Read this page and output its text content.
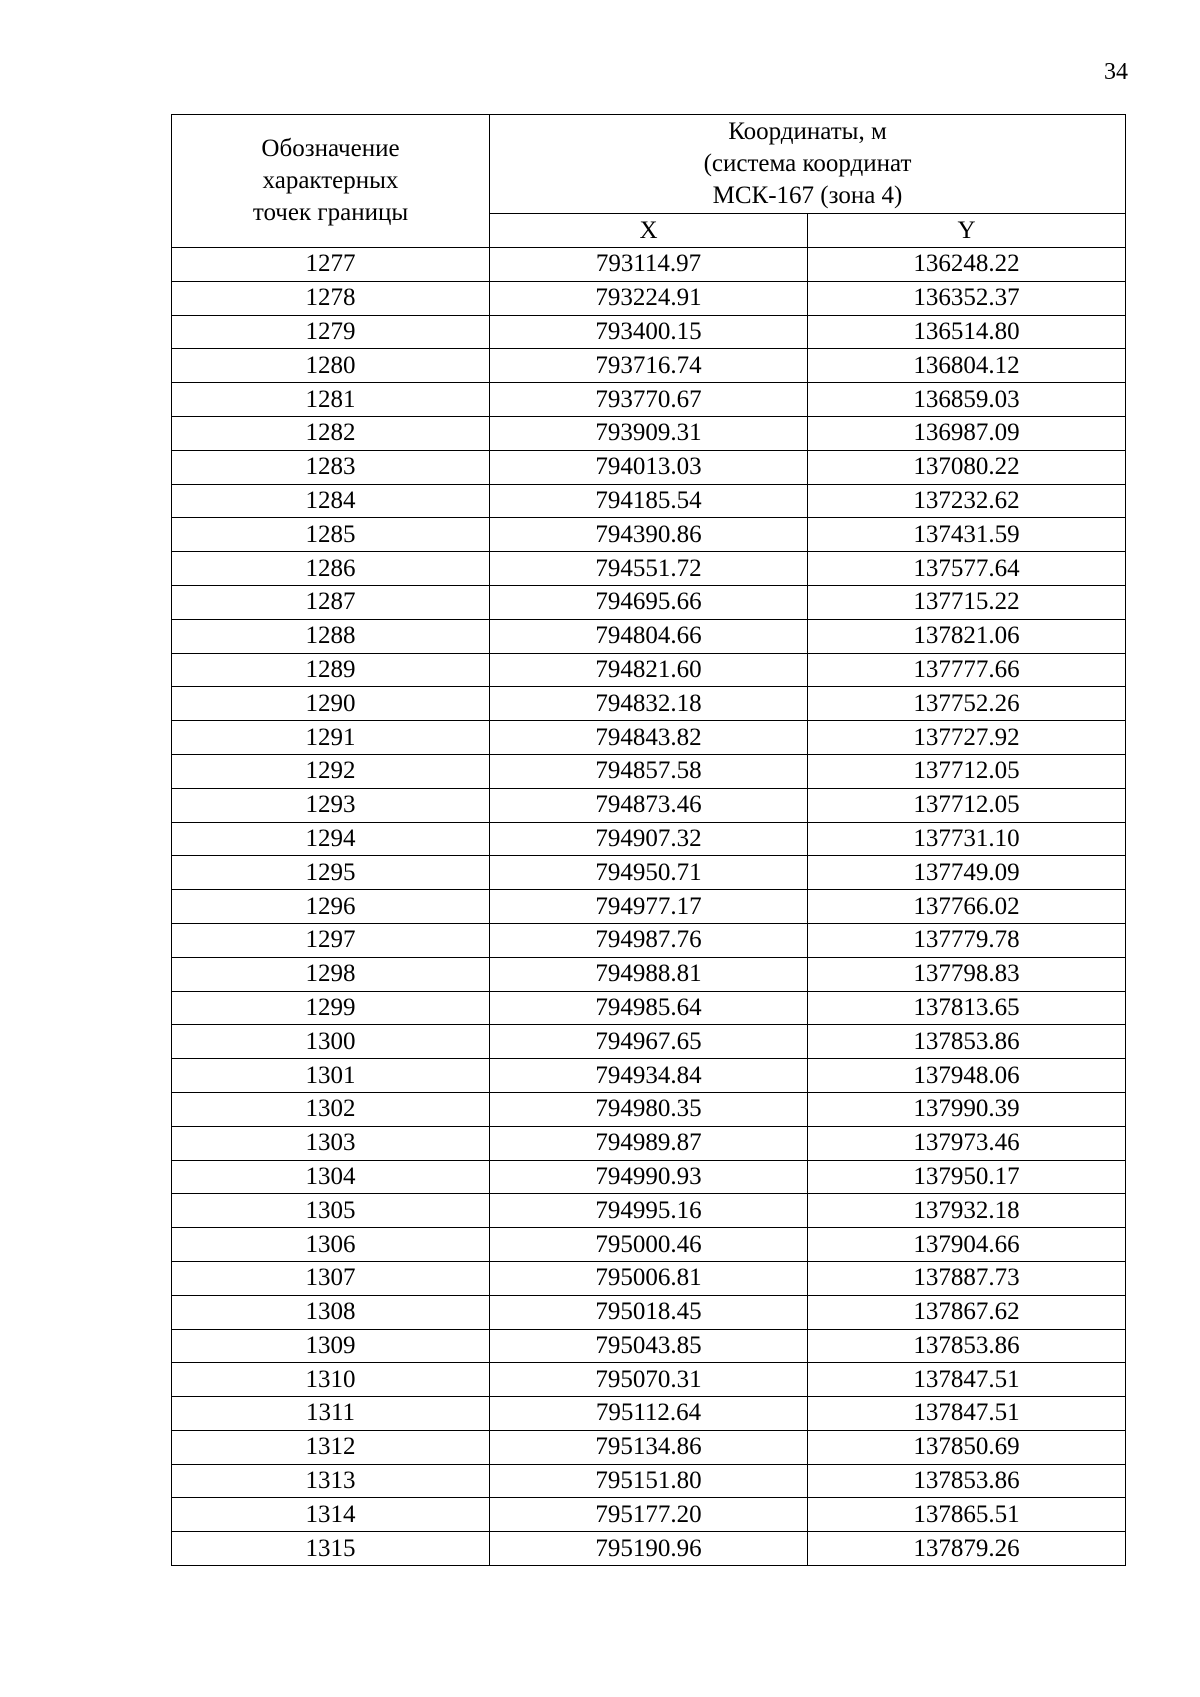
34
Обозначение
характерных
точек границы	Координаты, м
(система координат
МСК-167 (зона 4)	

	X	Y
1277	793114.97	136248.22
1278	793224.91	136352.37
1279	793400.15	136514.80
1280	793716.74	136804.12
1281	793770.67	136859.03
1282	793909.31	136987.09
1283	794013.03	137080.22
1284	794185.54	137232.62
1285	794390.86	137431.59
1286	794551.72	137577.64
1287	794695.66	137715.22
1288	794804.66	137821.06
1289	794821.60	137777.66
1290	794832.18	137752.26
1291	794843.82	137727.92
1292	794857.58	137712.05
1293	794873.46	137712.05
1294	794907.32	137731.10
1295	794950.71	137749.09
1296	794977.17	137766.02
1297	794987.76	137779.78
1298	794988.81	137798.83
1299	794985.64	137813.65
1300	794967.65	137853.86
1301	794934.84	137948.06
1302	794980.35	137990.39
1303	794989.87	137973.46
1304	794990.93	137950.17
1305	794995.16	137932.18
1306	795000.46	137904.66
1307	795006.81	137887.73
1308	795018.45	137867.62
1309	795043.85	137853.86
1310	795070.31	137847.51
1311	795112.64	137847.51
1312	795134.86	137850.69
1313	795151.80	137853.86
1314	795177.20	137865.51
1315	795190.96	137879.26
